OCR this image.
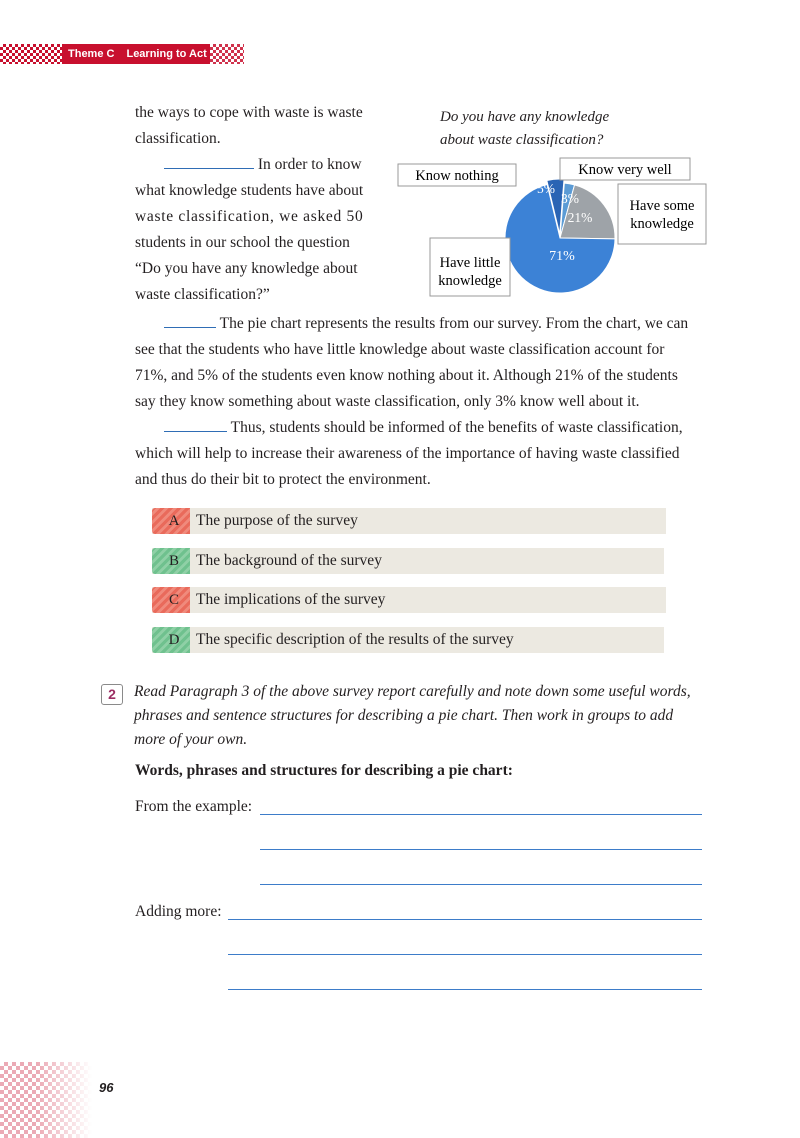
Theme C Learning to Act
the ways to cope with waste is waste
classification.
In order to know
what knowledge students have about
waste classification, we asked 50
students in our school the question
“Do you have any knowledge about
waste classification?”
Do you have any knowledge
about waste classification?
Know nothing	Know very well
Have some
knowledge
Have little
knowledge
5%
3%
21%
71%
The pie chart represents the results from our survey. From the chart, we can
see that the students who have little knowledge about waste classification account for
71%, and 5% of the students even know nothing about it. Although 21% of the students
say they know something about waste classification, only 3% know well about it.
Thus, students should be informed of the benefits of waste classification,
which will help to increase their awareness of the importance of having waste classified
and thus do their bit to protect the environment.
A	The purpose of the survey
B	The background of the survey
C	The implications of the survey
D	The specific description of the results of the survey
2	Read Paragraph 3 of the above survey report carefully and note down some useful words,
phrases and sentence structures for describing a pie chart. Then work in groups to add
more of your own.
Words, phrases and structures for describing a pie chart:
From the example:
Adding more:
96
